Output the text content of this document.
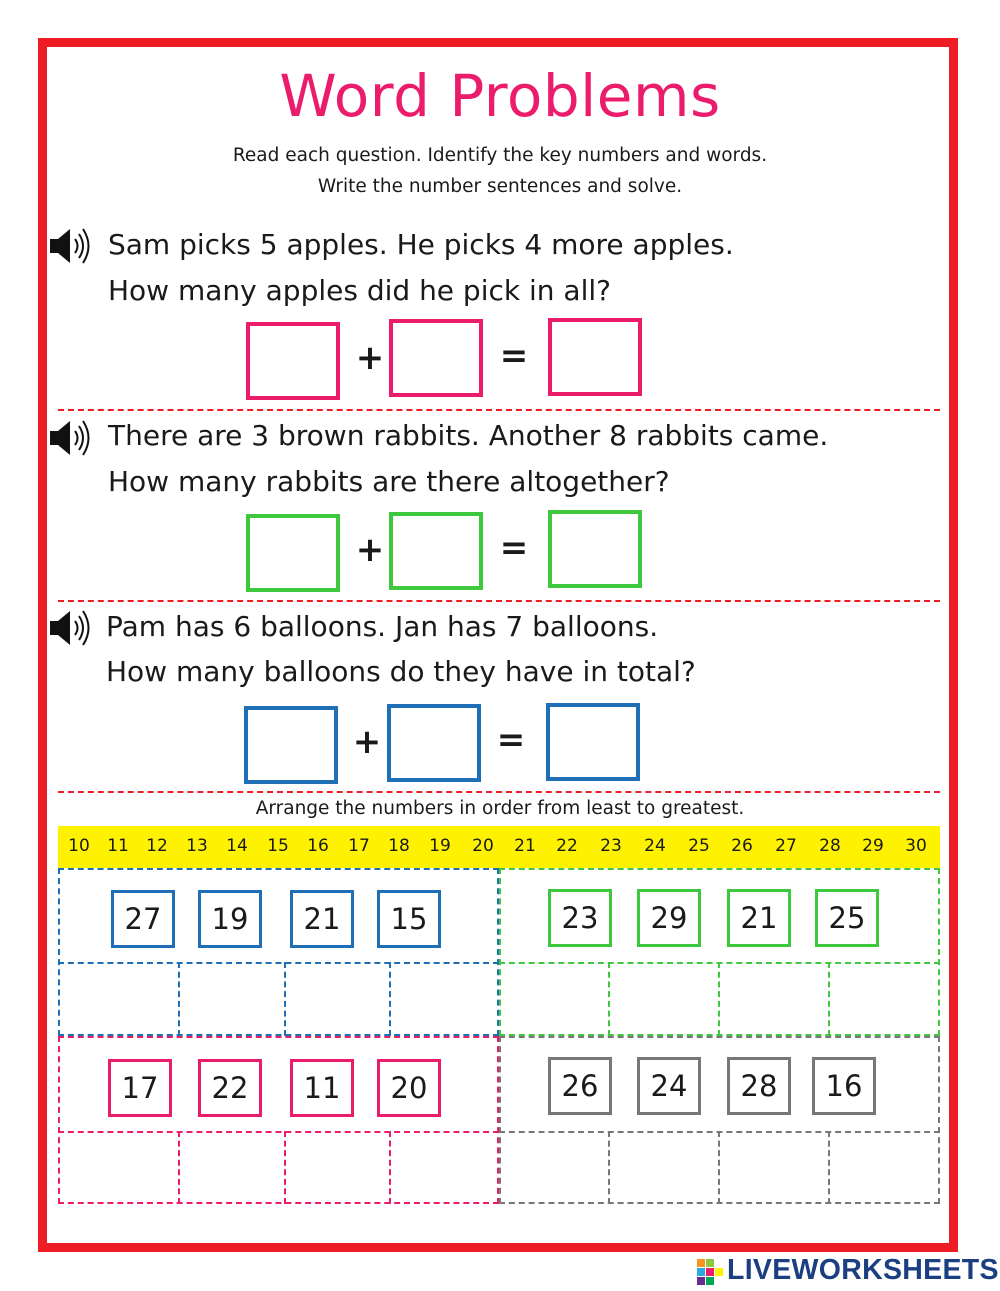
Word Problems
Read each question. Identify the key numbers and words.
Write the number sentences and solve.
Sam picks 5 apples. He picks 4 more apples.
How many apples did he pick in all?
+	=
There are 3 brown rabbits. Another 8 rabbits came.
How many rabbits are there altogether?
+	=
Pam has 6 balloons. Jan has 7 balloons.
How many balloons do they have in total?
+	=
Arrange the numbers in order from least to greatest.
10	11	12	13	14	15	16	17	18	19	20	21	22	23	24	25	26	27	28	29	30
27	19	21	15	23	29	21	25
17	22	11	20	26	24	28	16
LIVEWORKSHEETS
